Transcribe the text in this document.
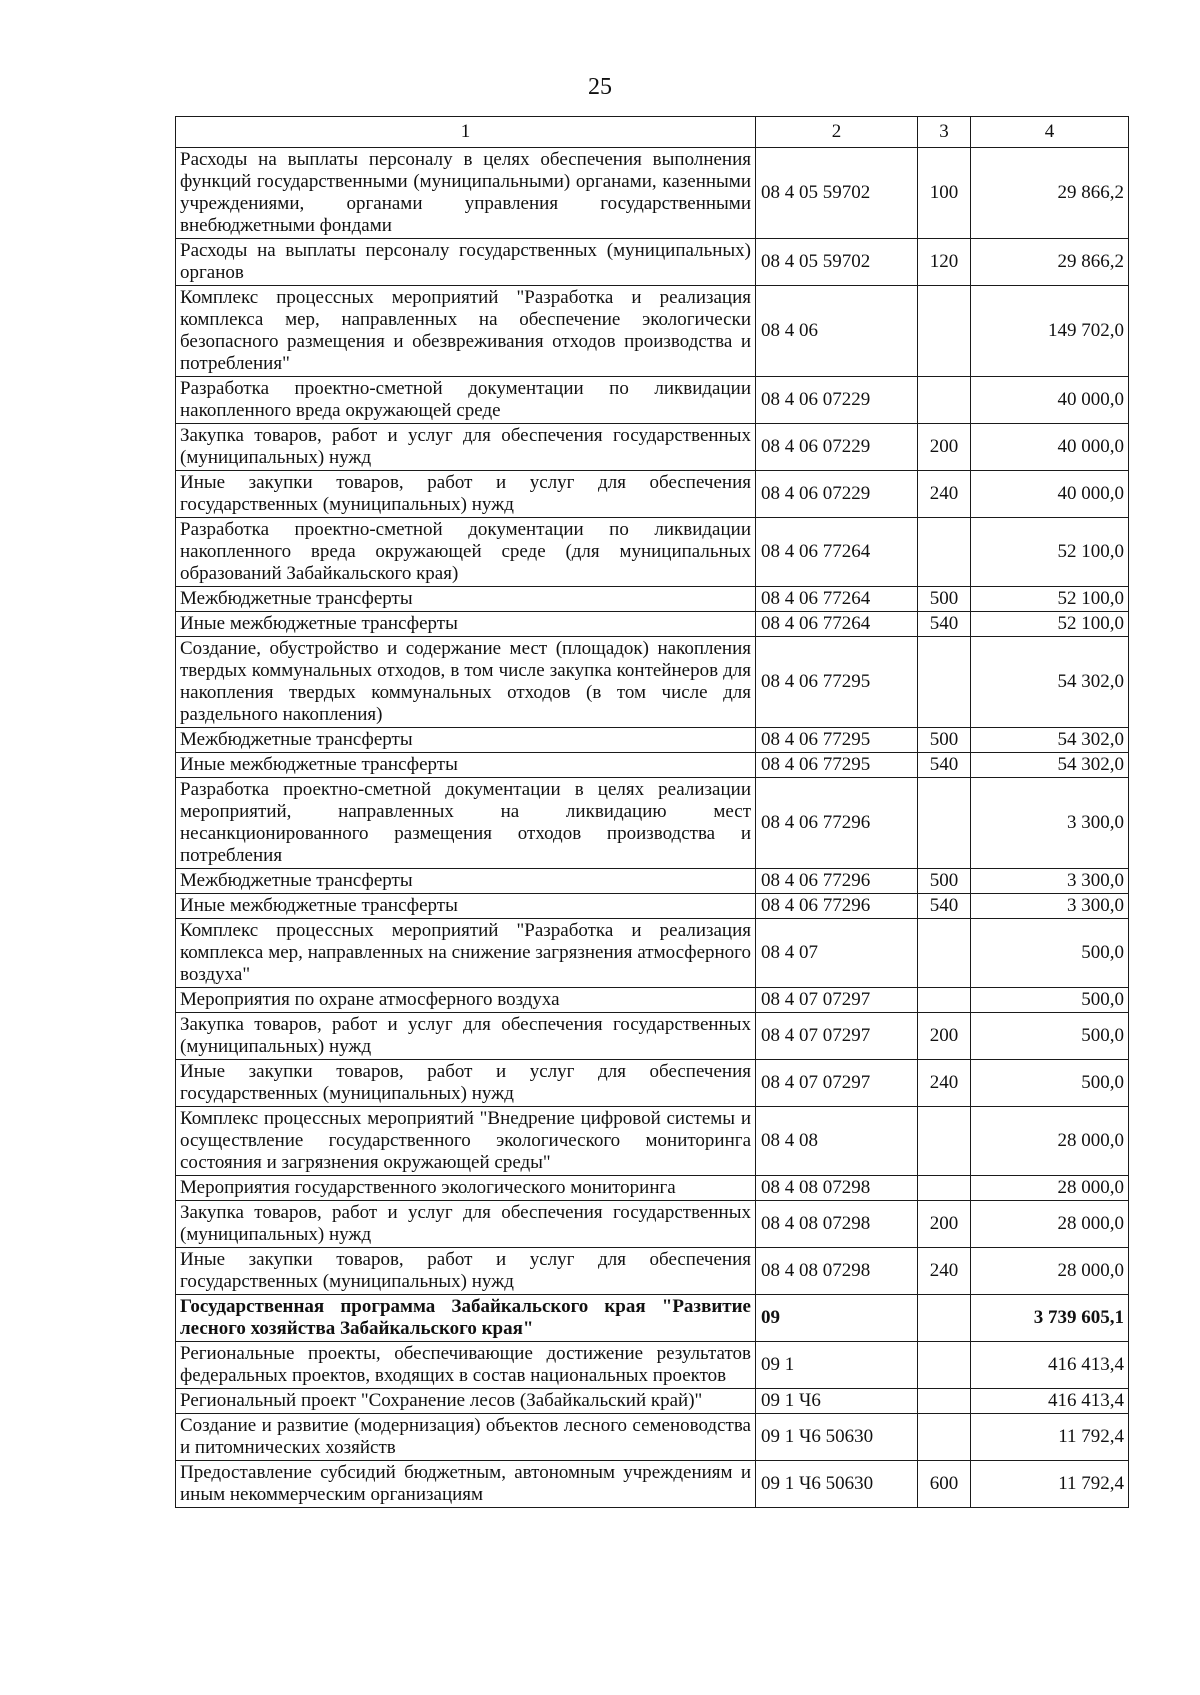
25
1	2	3	4
Расходы на выплаты персоналу в целях обеспечения выполнения функций государственными (муниципальными) органами, казенными учреждениями, органами управления государственными внебюджетными фондами	08 4 05 59702	100	29 866,2
Расходы на выплаты персоналу государственных (муниципальных) органов	08 4 05 59702	120	29 866,2
Комплекс процессных мероприятий "Разработка и реализация комплекса мер, направленных на обеспечение экологически безопасного размещения и обезвреживания отходов производства и потребления"	08 4 06		149 702,0
Разработка проектно-сметной документации по ликвидации накопленного вреда окружающей среде	08 4 06 07229		40 000,0
Закупка товаров, работ и услуг для обеспечения государственных (муниципальных) нужд	08 4 06 07229	200	40 000,0
Иные закупки товаров, работ и услуг для обеспечения государственных (муниципальных) нужд	08 4 06 07229	240	40 000,0
Разработка проектно-сметной документации по ликвидации накопленного вреда окружающей среде (для муниципальных образований Забайкальского края)	08 4 06 77264		52 100,0
Межбюджетные трансферты	08 4 06 77264	500	52 100,0
Иные межбюджетные трансферты	08 4 06 77264	540	52 100,0
Создание, обустройство и содержание мест (площадок) накопления твердых коммунальных отходов, в том числе закупка контейнеров для накопления твердых коммунальных отходов (в том числе для раздельного накопления)	08 4 06 77295		54 302,0
Межбюджетные трансферты	08 4 06 77295	500	54 302,0
Иные межбюджетные трансферты	08 4 06 77295	540	54 302,0
Разработка проектно-сметной документации в целях реализации мероприятий, направленных на ликвидацию мест несанкционированного размещения отходов производства и потребления	08 4 06 77296		3 300,0
Межбюджетные трансферты	08 4 06 77296	500	3 300,0
Иные межбюджетные трансферты	08 4 06 77296	540	3 300,0
Комплекс процессных мероприятий "Разработка и реализация комплекса мер, направленных на снижение загрязнения атмосферного воздуха"	08 4 07		500,0
Мероприятия по охране атмосферного воздуха	08 4 07 07297		500,0
Закупка товаров, работ и услуг для обеспечения государственных (муниципальных) нужд	08 4 07 07297	200	500,0
Иные закупки товаров, работ и услуг для обеспечения государственных (муниципальных) нужд	08 4 07 07297	240	500,0
Комплекс процессных мероприятий "Внедрение цифровой системы и осуществление государственного экологического мониторинга состояния и загрязнения окружающей среды"	08 4 08		28 000,0
Мероприятия государственного экологического мониторинга	08 4 08 07298		28 000,0
Закупка товаров, работ и услуг для обеспечения государственных (муниципальных) нужд	08 4 08 07298	200	28 000,0
Иные закупки товаров, работ и услуг для обеспечения государственных (муниципальных) нужд	08 4 08 07298	240	28 000,0
Государственная программа Забайкальского края "Развитие лесного хозяйства Забайкальского края"	09		3 739 605,1
Региональные проекты, обеспечивающие достижение результатов федеральных проектов, входящих в состав национальных проектов	09 1		416 413,4
Региональный проект "Сохранение лесов (Забайкальский край)"	09 1 Ч6		416 413,4
Создание и развитие (модернизация) объектов лесного семеноводства и питомнических хозяйств	09 1 Ч6 50630		11 792,4
Предоставление субсидий бюджетным, автономным учреждениям и иным некоммерческим организациям	09 1 Ч6 50630	600	11 792,4
